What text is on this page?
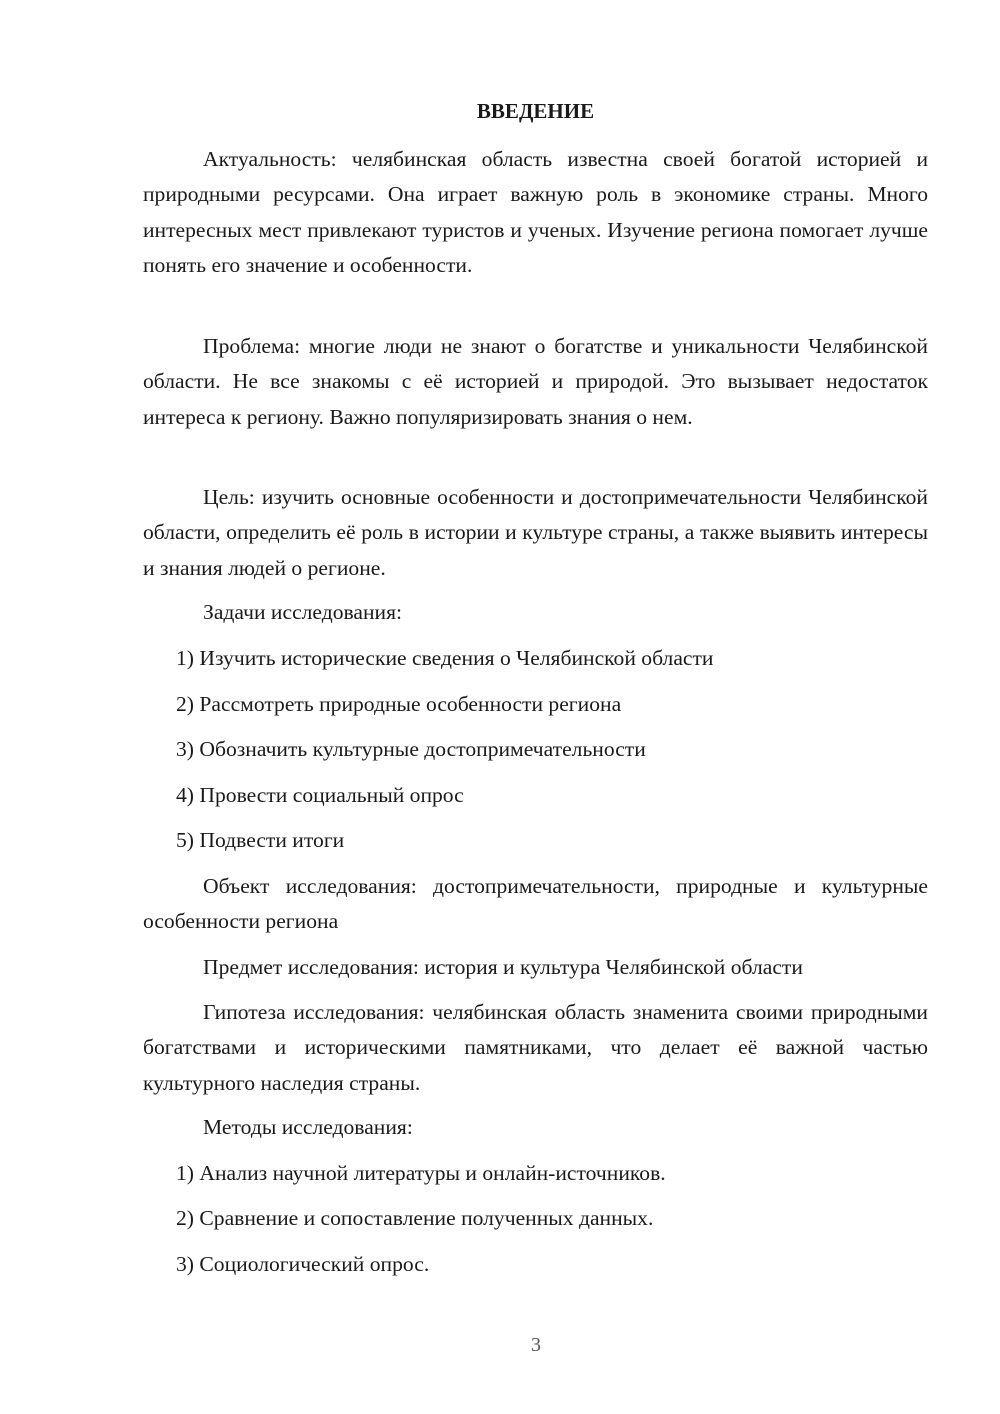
ВВЕДЕНИЕ

Актуальность: челябинская область известна своей богатой историей и природными ресурсами. Она играет важную роль в экономике страны. Много интересных мест привлекают туристов и ученых. Изучение региона помогает лучше понять его значение и особенности.

Проблема: многие люди не знают о богатстве и уникальности Челябинской области. Не все знакомы с её историей и природой. Это вызывает недостаток интереса к региону. Важно популяризировать знания о нем.

Цель: изучить основные особенности и достопримечательности Челябинской области, определить её роль в истории и культуре страны, а также выявить интересы и знания людей о регионе.

Задачи исследования:

1) Изучить исторические сведения о Челябинской области

2) Рассмотреть природные особенности региона

3) Обозначить культурные достопримечательности

4) Провести социальный опрос

5) Подвести итоги

Объект исследования: достопримечательности, природные и культурные особенности региона

Предмет исследования: история и культура Челябинской области

Гипотеза исследования: челябинская область знаменита своими природными богатствами и историческими памятниками, что делает её важной частью культурного наследия страны.

Методы исследования:

1) Анализ научной литературы и онлайн-источников.

2) Сравнение и сопоставление полученных данных.

3) Социологический опрос.

3
